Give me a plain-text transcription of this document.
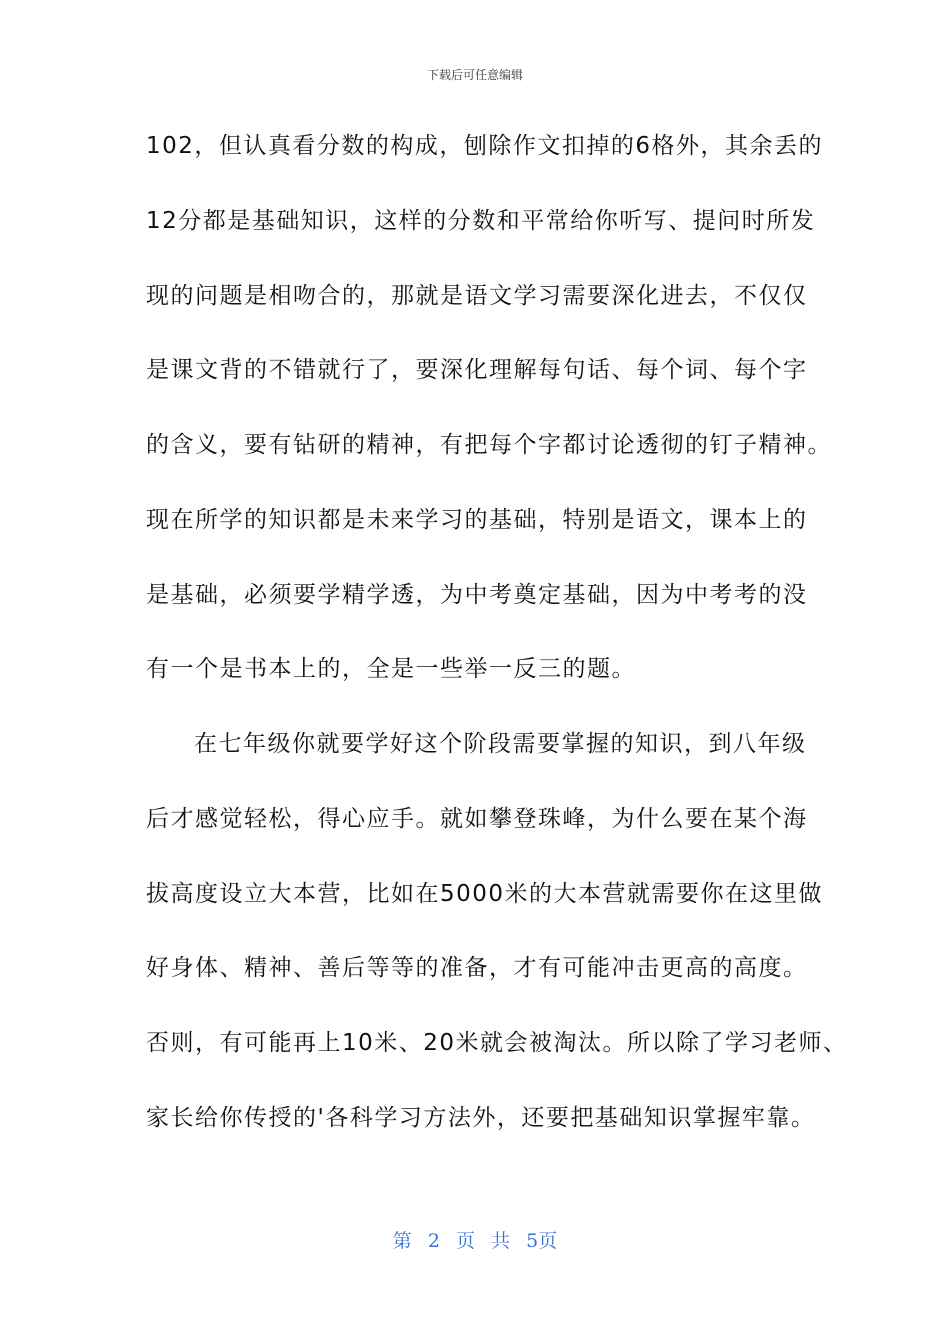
下载后可任意编辑
102，但认真看分数的构成，刨除作文扣掉的6格外，其余丢的
12分都是基础知识，这样的分数和平常给你听写、提问时所发
现的问题是相吻合的，那就是语文学习需要深化进去，不仅仅
是课文背的不错就行了，要深化理解每句话、每个词、每个字
的含义，要有钻研的精神，有把每个字都讨论透彻的钉子精神。
现在所学的知识都是未来学习的基础，特别是语文，课本上的
是基础，必须要学精学透，为中考奠定基础，因为中考考的没
有一个是书本上的，全是一些举一反三的题。
在七年级你就要学好这个阶段需要掌握的知识，到八年级
后才感觉轻松，得心应手。就如攀登珠峰，为什么要在某个海
拔高度设立大本营，比如在5000米的大本营就需要你在这里做
好身体、精神、善后等等的准备，才有可能冲击更高的高度。
否则，有可能再上10米、20米就会被淘汰。所以除了学习老师、
家长给你传授的'各科学习方法外，还要把基础知识掌握牢靠。
第 2 页 共 5页
